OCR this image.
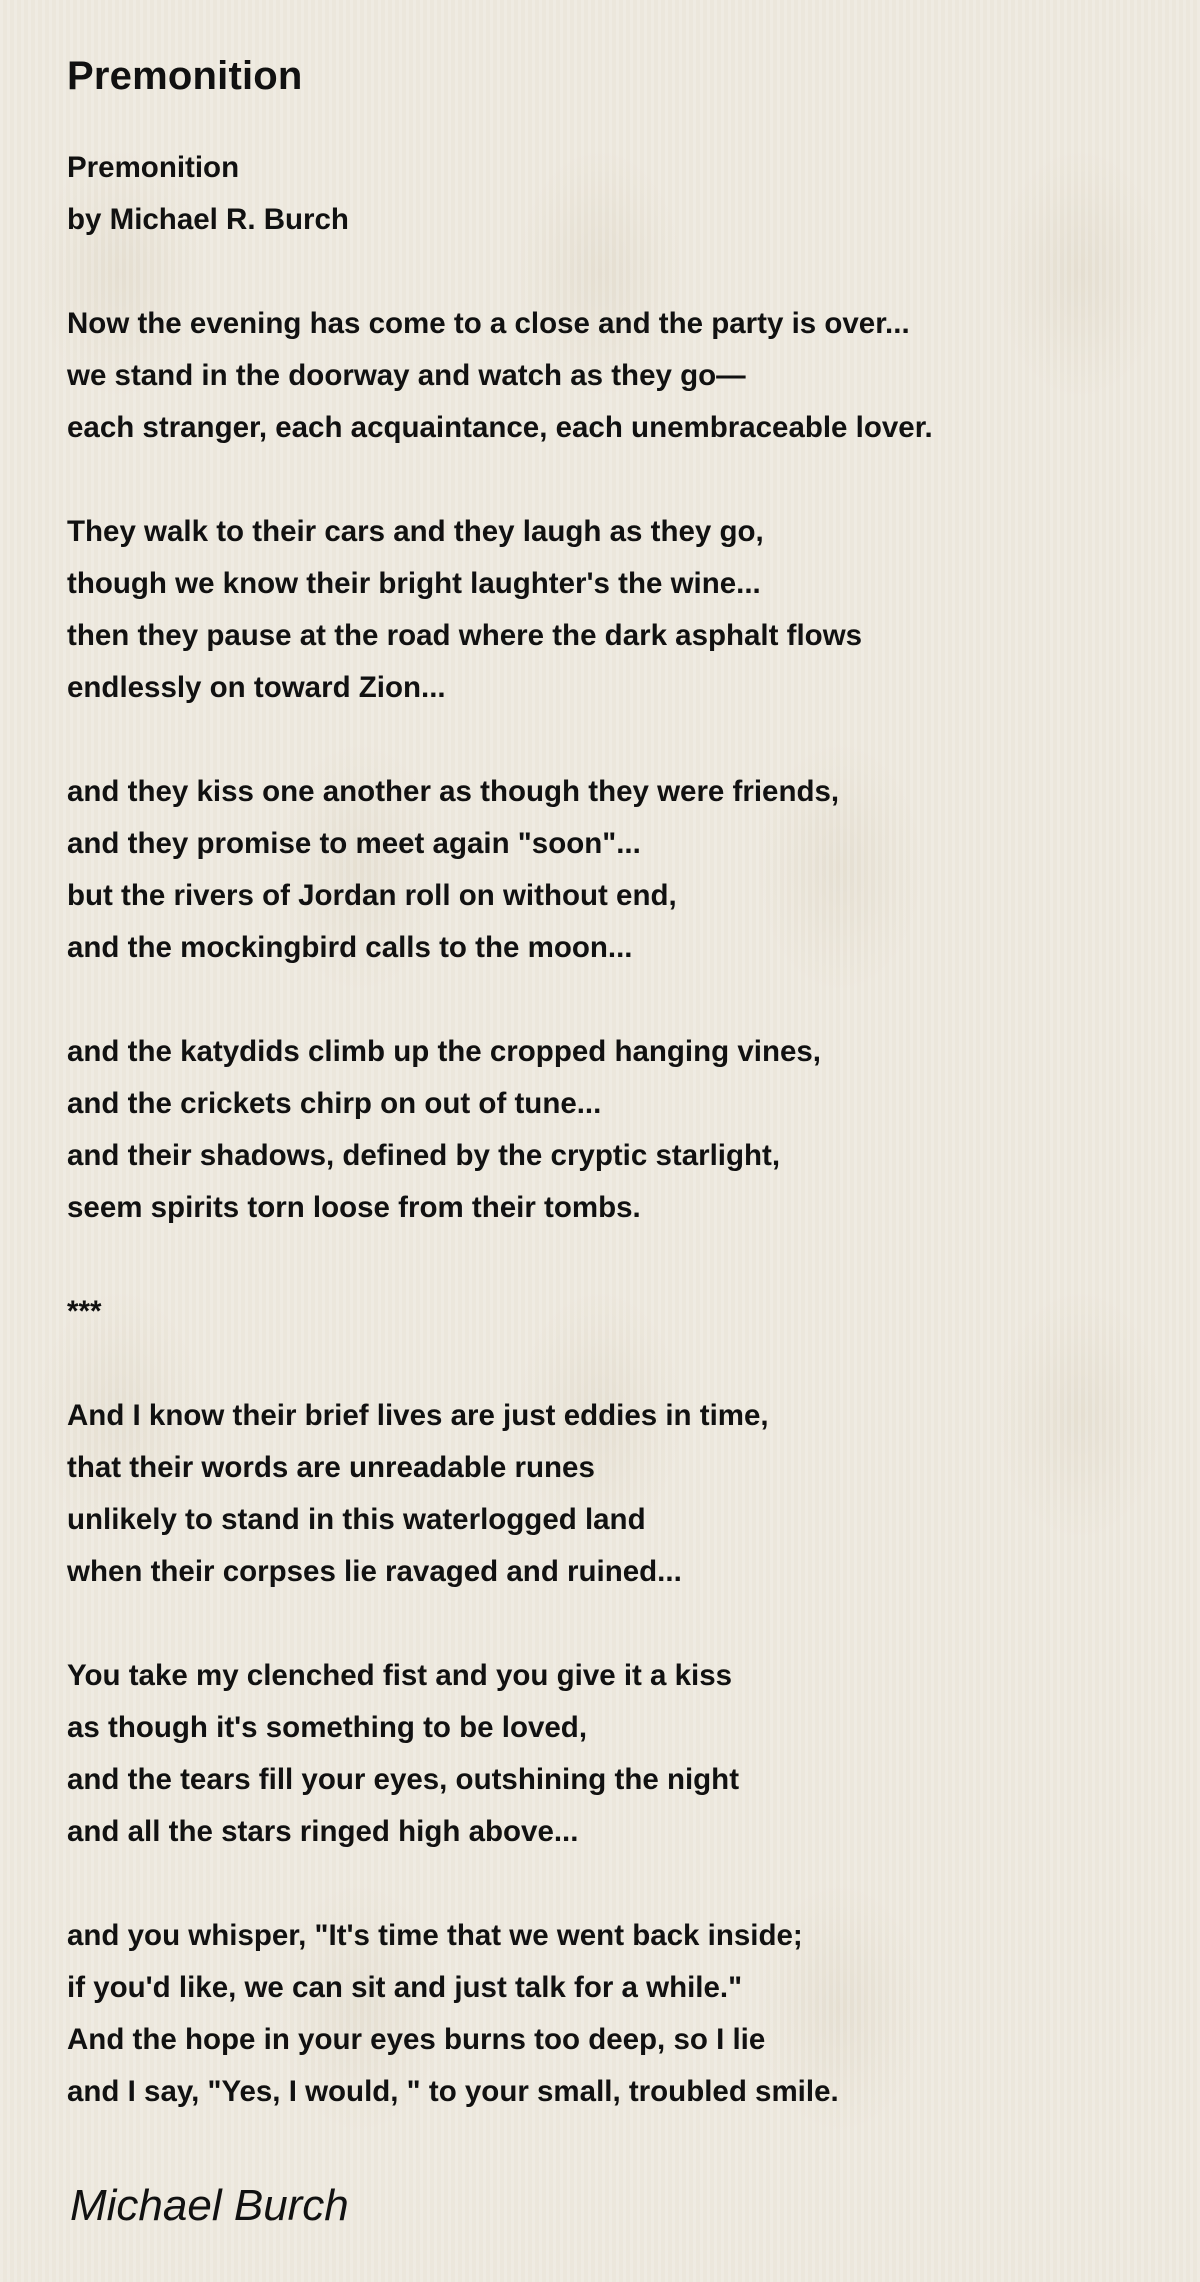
Premonition
Premonition
by Michael R. Burch
Now the evening has come to a close and the party is over...
we stand in the doorway and watch as they go—
each stranger, each acquaintance, each unembraceable lover.
They walk to their cars and they laugh as they go,
though we know their bright laughter's the wine...
then they pause at the road where the dark asphalt flows
endlessly on toward Zion...
and they kiss one another as though they were friends,
and they promise to meet again "soon"...
but the rivers of Jordan roll on without end,
and the mockingbird calls to the moon...
and the katydids climb up the cropped hanging vines,
and the crickets chirp on out of tune...
and their shadows, defined by the cryptic starlight,
seem spirits torn loose from their tombs.
***
And I know their brief lives are just eddies in time,
that their words are unreadable runes
unlikely to stand in this waterlogged land
when their corpses lie ravaged and ruined...
You take my clenched fist and you give it a kiss
as though it's something to be loved,
and the tears fill your eyes, outshining the night
and all the stars ringed high above...
and you whisper, "It's time that we went back inside;
if you'd like, we can sit and just talk for a while."
And the hope in your eyes burns too deep, so I lie
and I say, "Yes, I would, " to your small, troubled smile.
Michael Burch
